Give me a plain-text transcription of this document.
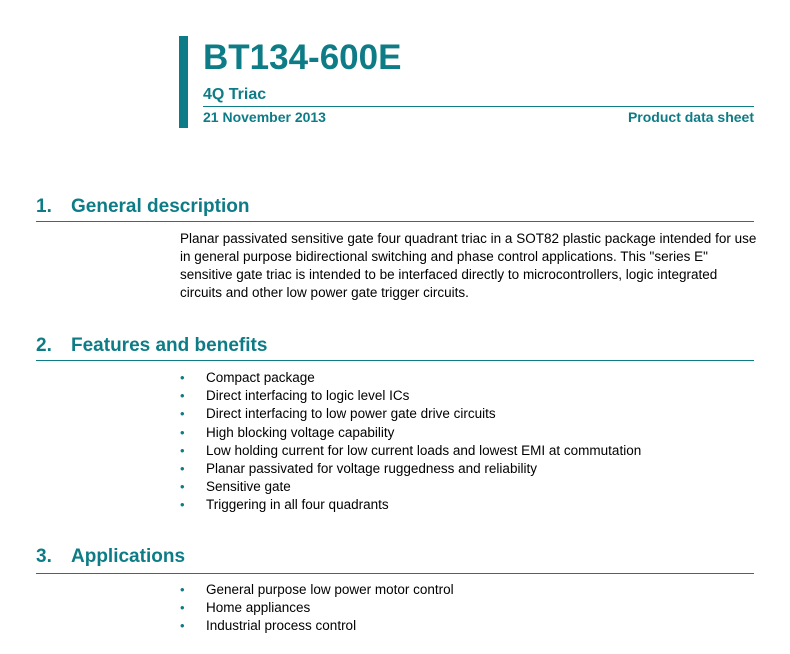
BT134-600E
4Q Triac
21 November 2013	Product data sheet
1. General description

Planar passivated sensitive gate four quadrant triac in a SOT82 plastic package intended for use in general purpose bidirectional switching and phase control applications. This "series E" sensitive gate triac is intended to be interfaced directly to microcontrollers, logic integrated circuits and other low power gate trigger circuits.

2. Features and benefits
• Compact package
• Direct interfacing to logic level ICs
• Direct interfacing to low power gate drive circuits
• High blocking voltage capability
• Low holding current for low current loads and lowest EMI at commutation
• Planar passivated for voltage ruggedness and reliability
• Sensitive gate
• Triggering in all four quadrants
3. Applications
• General purpose low power motor control
• Home appliances
• Industrial process control
